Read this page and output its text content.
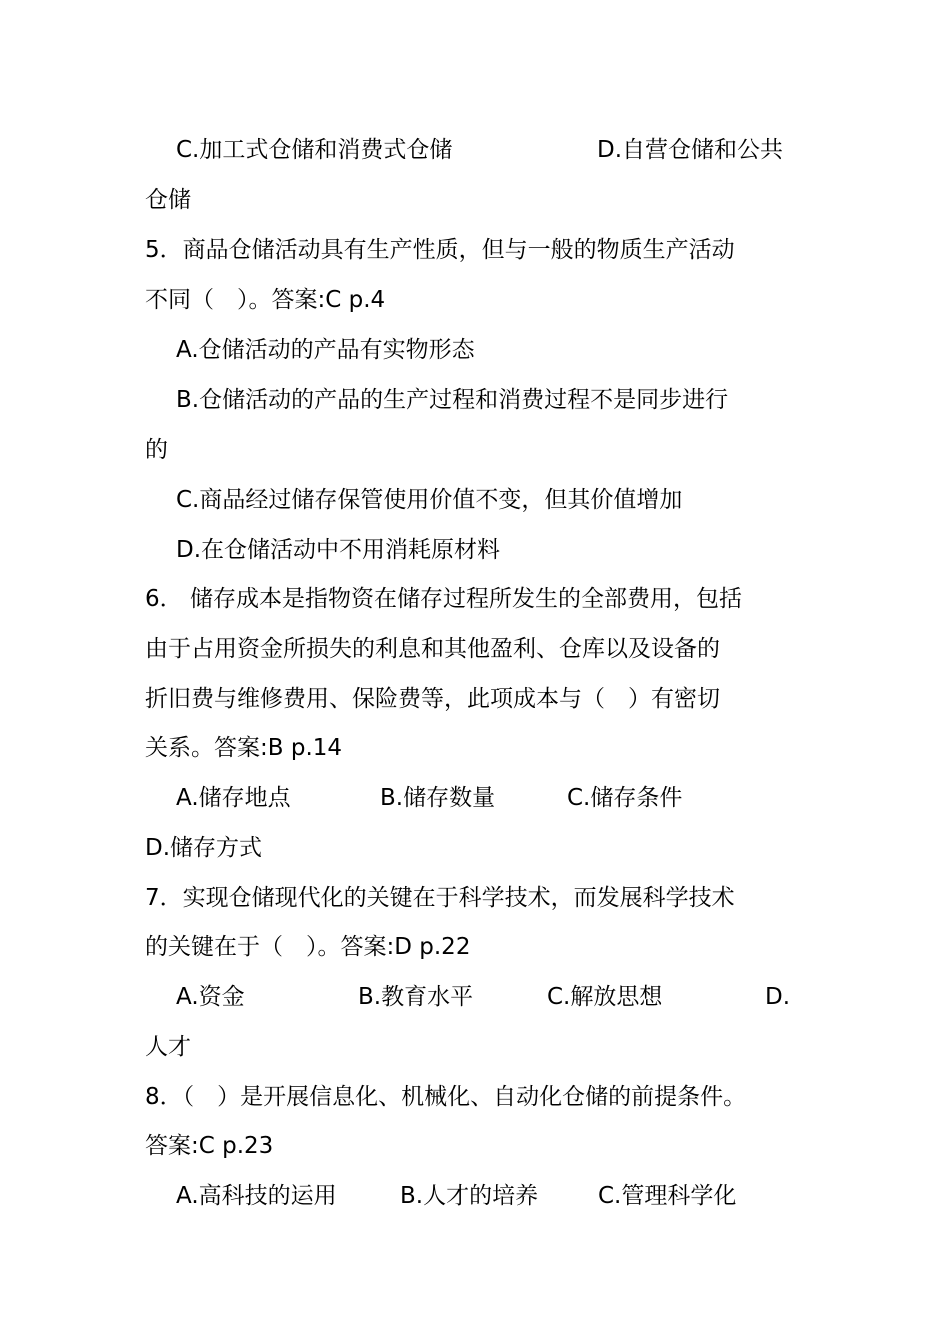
C.加工式仓储和消费式仓储	D.自营仓储和公共
仓储
5．商品仓储活动具有生产性质，但与一般的物质生产活动
不同（　）。答案:C p.4
A.仓储活动的产品有实物形态
B.仓储活动的产品的生产过程和消费过程不是同步进行
的
C.商品经过储存保管使用价值不变，但其价值增加
D.在仓储活动中不用消耗原材料
6． 储存成本是指物资在储存过程所发生的全部费用，包括
由于占用资金所损失的利息和其他盈利、仓库以及设备的
折旧费与维修费用、保险费等，此项成本与（　）有密切
关系。答案:B p.14
A.储存地点	B.储存数量	C.储存条件
D.储存方式
7．实现仓储现代化的关键在于科学技术，而发展科学技术
的关键在于（　）。答案:D p.22
A.资金	B.教育水平	C.解放思想	D.
人才
8．（　）是开展信息化、机械化、自动化仓储的前提条件。
答案:C p.23
A.高科技的运用	B.人才的培养	C.管理科学化
